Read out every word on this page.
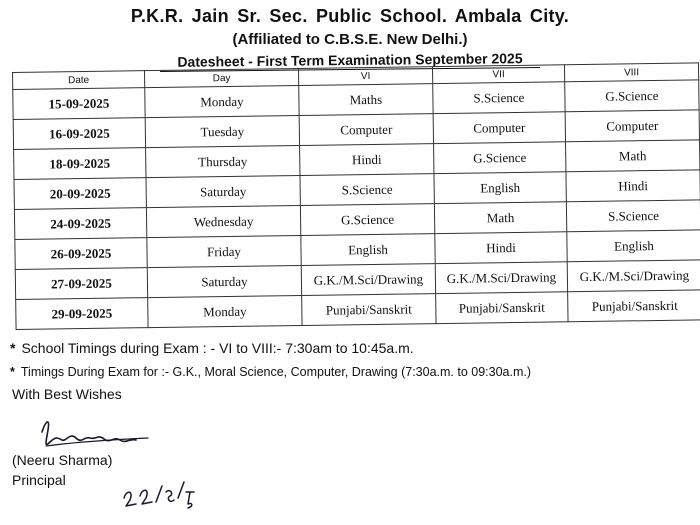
P.K.R. Jain Sr. Sec. Public School. Ambala City.
(Affiliated to C.B.S.E. New Delhi.)
Datesheet - First Term Examination September 2025
Date	Day	VI	VII	VIII
15-09-2025	Monday	Maths	S.Science	G.Science
16-09-2025	Tuesday	Computer	Computer	Computer
18-09-2025	Thursday	Hindi	G.Science	Math
20-09-2025	Saturday	S.Science	English	Hindi
24-09-2025	Wednesday	G.Science	Math	S.Science
26-09-2025	Friday	English	Hindi	English
27-09-2025	Saturday	G.K./M.Sci/Drawing	G.K./M.Sci/Drawing	G.K./M.Sci/Drawing
29-09-2025	Monday	Punjabi/Sanskrit	Punjabi/Sanskrit	Punjabi/Sanskrit
* School Timings during Exam : - VI to VIII:- 7:30am to 10:45a.m.
* Timings During Exam for :- G.K., Moral Science, Computer, Drawing (7:30a.m. to 09:30a.m.)
With Best Wishes
(Neeru Sharma)
Principal
